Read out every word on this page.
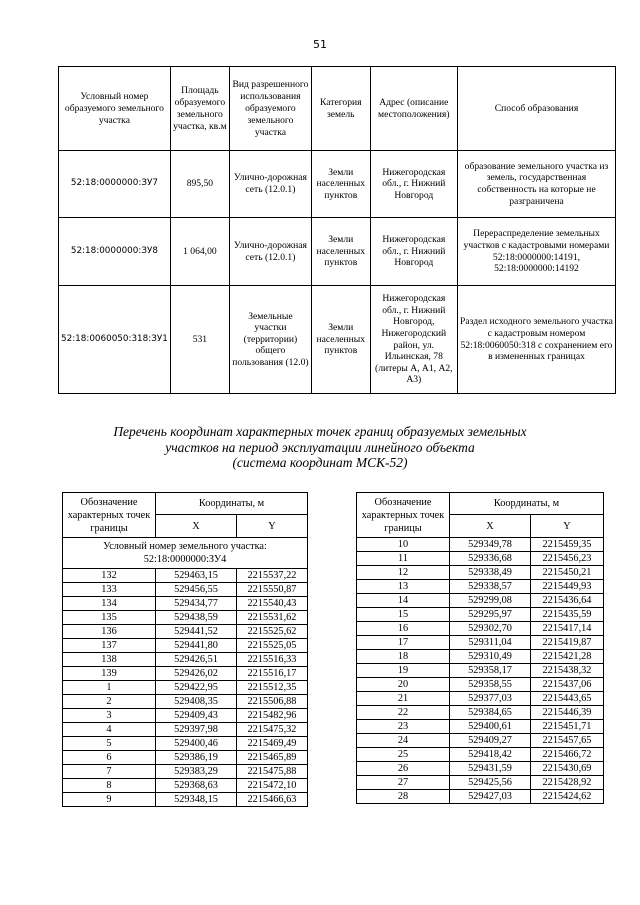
51
Условный номер образуемого земельного участка	Площадь образуемого земельного участка, кв.м	Вид разрешенного использования образуемого земельного участка	Категория земель	Адрес (описание местоположения)	Способ образования
52:18:0000000:ЗУ7	895,50	Улично-дорожная сеть (12.0.1)	Земли населенных пунктов	Нижегородская обл., г. Нижний Новгород	образование земельного участка из земель, государственная собственность на которые не разграничена
52:18:0000000:ЗУ8	1 064,00	Улично-дорожная сеть (12.0.1)	Земли населенных пунктов	Нижегородская обл., г. Нижний Новгород	Перераспределение земельных участков с кадастровыми номерами 52:18:0000000:14191, 52:18:0000000:14192
52:18:0060050:318:ЗУ1	531	Земельные участки (территории) общего пользования (12.0)	Земли населенных пунктов	Нижегородская обл., г. Нижний Новгород, Нижегородский район, ул. Ильинская, 78 (литеры А, А1, А2, А3)	Раздел исходного земельного участка с кадастровым номером 52:18:0060050:318 с сохранением его в измененных границах
Перечень координат характерных точек границ образуемых земельных
участков на период эксплуатации линейного объекта
(система координат МСК-52)
Обозначение характерных точек границы	Координаты, м	
	X	Y
Условный номер земельного участка: 52:18:0000000:ЗУ4		
132	529463,15	2215537,22
133	529456,55	2215550,87
134	529434,77	2215540,43
135	529438,59	2215531,62
136	529441,52	2215525,62
137	529441,80	2215525,05
138	529426,51	2215516,33
139	529426,02	2215516,17
1	529422,95	2215512,35
2	529408,35	2215506,88
3	529409,43	2215482,96
4	529397,98	2215475,32
5	529400,46	2215469,49
6	529386,19	2215465,89
7	529383,29	2215475,88
8	529368,63	2215472,10
9	529348,15	2215466,63
Обозначение характерных точек границы	Координаты, м	
	X	Y
10	529349,78	2215459,35
11	529336,68	2215456,23
12	529338,49	2215450,21
13	529338,57	2215449,93
14	529299,08	2215436,64
15	529295,97	2215435,59
16	529302,70	2215417,14
17	529311,04	2215419,87
18	529310,49	2215421,28
19	529358,17	2215438,32
20	529358,55	2215437,06
21	529377,03	2215443,65
22	529384,65	2215446,39
23	529400,61	2215451,71
24	529409,27	2215457,65
25	529418,42	2215466,72
26	529431,59	2215430,69
27	529425,56	2215428,92
28	529427,03	2215424,62
